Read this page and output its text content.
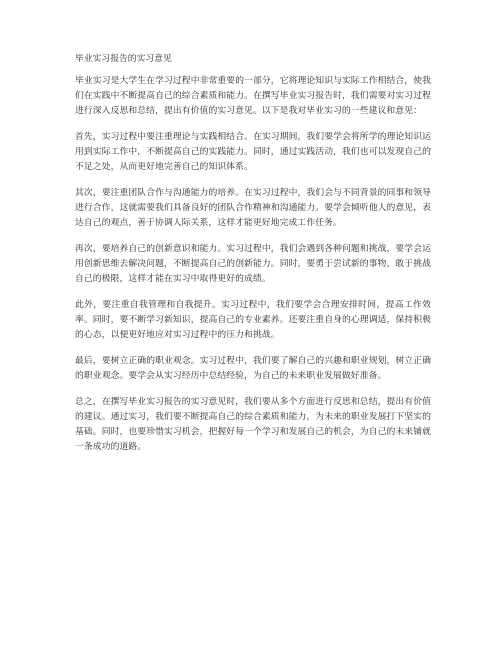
毕业实习报告的实习意见

毕业实习是大学生在学习过程中非常重要的一部分，它将理论知识与实际工作相结合，使我们在实践中不断提高自己的综合素质和能力。在撰写毕业实习报告时，我们需要对实习过程进行深入反思和总结，提出有价值的实习意见。以下是我对毕业实习的一些建议和意见：

首先，实习过程中要注重理论与实践相结合。在实习期间，我们要学会将所学的理论知识运用到实际工作中，不断提高自己的实践能力。同时，通过实践活动，我们也可以发现自己的不足之处，从而更好地完善自己的知识体系。

其次，要注重团队合作与沟通能力的培养。在实习过程中，我们会与不同背景的同事和领导进行合作，这就需要我们具备良好的团队合作精神和沟通能力。要学会倾听他人的意见，表达自己的观点，善于协调人际关系，这样才能更好地完成工作任务。

再次，要培养自己的创新意识和能力。实习过程中，我们会遇到各种问题和挑战，要学会运用创新思维去解决问题，不断提高自己的创新能力。同时，要勇于尝试新的事物，敢于挑战自己的极限，这样才能在实习中取得更好的成绩。

此外，要注重自我管理和自我提升。实习过程中，我们要学会合理安排时间，提高工作效率。同时，要不断学习新知识，提高自己的专业素养。还要注重自身的心理调适，保持积极的心态，以便更好地应对实习过程中的压力和挑战。

最后，要树立正确的职业观念。实习过程中，我们要了解自己的兴趣和职业规划，树立正确的职业观念。要学会从实习经历中总结经验，为自己的未来职业发展做好准备。

总之，在撰写毕业实习报告的实习意见时，我们要从多个方面进行反思和总结，提出有价值的建议。通过实习，我们要不断提高自己的综合素质和能力，为未来的职业发展打下坚实的基础。同时，也要珍惜实习机会，把握好每一个学习和发展自己的机会，为自己的未来铺就一条成功的道路。
